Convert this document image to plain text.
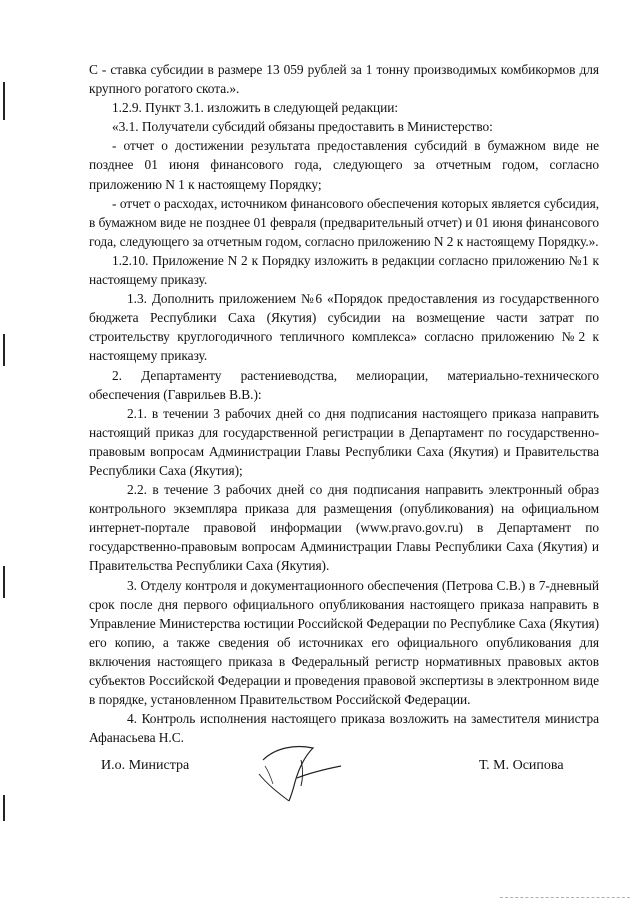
С - ставка субсидии в размере 13 059 рублей за 1 тонну производимых комбикормов для крупного рогатого скота.».

1.2.9. Пункт 3.1. изложить в следующей редакции:

«3.1. Получатели субсидий обязаны предоставить в Министерство:

- отчет о достижении результата предоставления субсидий в бумажном виде не позднее 01 июня финансового года, следующего за отчетным годом, согласно приложению N 1 к настоящему Порядку;

- отчет о расходах, источником финансового обеспечения которых является субсидия, в бумажном виде не позднее 01 февраля (предварительный отчет) и 01 июня финансового года, следующего за отчетным годом, согласно приложению N 2 к настоящему Порядку.».

1.2.10. Приложение N 2 к Порядку изложить в редакции согласно приложению №1 к настоящему приказу.

1.3. Дополнить приложением №6 «Порядок предоставления из государственного бюджета Республики Саха (Якутия) субсидии на возмещение части затрат по строительству круглогодичного тепличного комплекса» согласно приложению №2 к настоящему приказу.

2. Департаменту растениеводства, мелиорации, материально-технического обеспечения (Гаврильев В.В.):

2.1. в течении 3 рабочих дней со дня подписания настоящего приказа направить настоящий приказ для государственной регистрации в Департамент по государственно-правовым вопросам Администрации Главы Республики Саха (Якутия) и Правительства Республики Саха (Якутия);

2.2. в течение 3 рабочих дней со дня подписания направить электронный образ контрольного экземпляра приказа для размещения (опубликования) на официальном интернет-портале правовой информации (www.pravo.gov.ru) в Департамент по государственно-правовым вопросам Администрации Главы Республики Саха (Якутия) и Правительства Республики Саха (Якутия).

3. Отделу контроля и документационного обеспечения (Петрова С.В.) в 7-дневный срок после дня первого официального опубликования настоящего приказа направить в Управление Министерства юстиции Российской Федерации по Республике Саха (Якутия) его копию, а также сведения об источниках его официального опубликования для включения настоящего приказа в Федеральный регистр нормативных правовых актов субъектов Российской Федерации и проведения правовой экспертизы в электронном виде в порядке, установленном Правительством Российской Федерации.

4. Контроль исполнения настоящего приказа возложить на заместителя министра Афанасьева Н.С.

И.о. Министра	Т. М. Осипова
